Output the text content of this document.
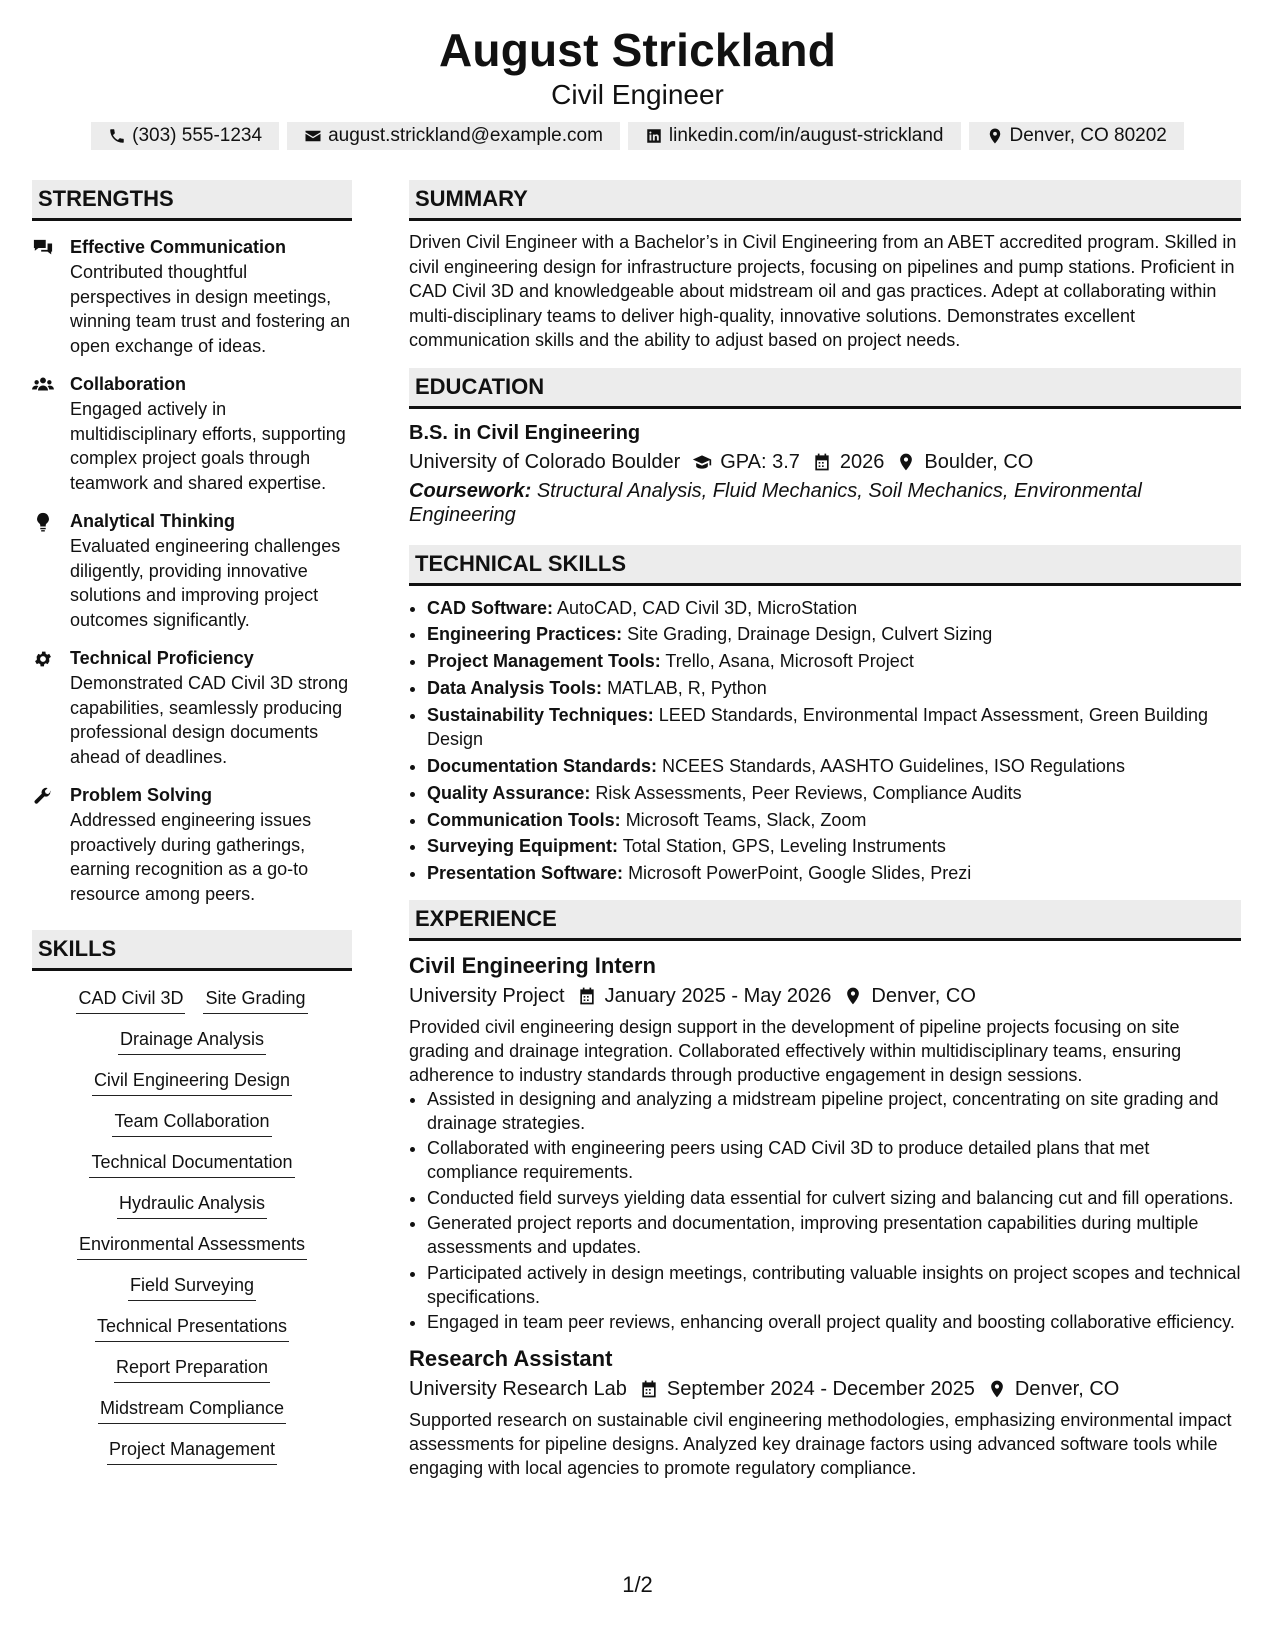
August Strickland
Civil Engineer
(303) 555-1234	august.strickland@example.com	linkedin.com/in/august-strickland	Denver, CO 80202
STRENGTHS
Effective Communication
Contributed thoughtful perspectives in design meetings, winning team trust and fostering an open exchange of ideas.
Collaboration
Engaged actively in multidisciplinary efforts, supporting complex project goals through teamwork and shared expertise.
Analytical Thinking
Evaluated engineering challenges diligently, providing innovative solutions and improving project outcomes significantly.
Technical Proficiency
Demonstrated CAD Civil 3D strong capabilities, seamlessly producing professional design documents ahead of deadlines.
Problem Solving
Addressed engineering issues proactively during gatherings, earning recognition as a go-to resource among peers.
SKILLS
CAD Civil 3D Site Grading
Drainage Analysis
Civil Engineering Design
Team Collaboration
Technical Documentation
Hydraulic Analysis
Environmental Assessments
Field Surveying
Technical Presentations
Report Preparation
Midstream Compliance
Project Management
SUMMARY
Driven Civil Engineer with a Bachelor’s in Civil Engineering from an ABET accredited program. Skilled in civil engineering design for infrastructure projects, focusing on pipelines and pump stations. Proficient in CAD Civil 3D and knowledgeable about midstream oil and gas practices. Adept at collaborating within multi-disciplinary teams to deliver high-quality, innovative solutions. Demonstrates excellent communication skills and the ability to adjust based on project needs.
EDUCATION
B.S. in Civil Engineering
University of Colorado Boulder GPA: 3.7 2026 Boulder, CO
Coursework: Structural Analysis, Fluid Mechanics, Soil Mechanics, Environmental Engineering
TECHNICAL SKILLS
• CAD Software: AutoCAD, CAD Civil 3D, MicroStation
• Engineering Practices: Site Grading, Drainage Design, Culvert Sizing
• Project Management Tools: Trello, Asana, Microsoft Project
• Data Analysis Tools: MATLAB, R, Python
• Sustainability Techniques: LEED Standards, Environmental Impact Assessment, Green Building Design
• Documentation Standards: NCEES Standards, AASHTO Guidelines, ISO Regulations
• Quality Assurance: Risk Assessments, Peer Reviews, Compliance Audits
• Communication Tools: Microsoft Teams, Slack, Zoom
• Surveying Equipment: Total Station, GPS, Leveling Instruments
• Presentation Software: Microsoft PowerPoint, Google Slides, Prezi
EXPERIENCE
Civil Engineering Intern
University Project January 2025 - May 2026 Denver, CO
Provided civil engineering design support in the development of pipeline projects focusing on site grading and drainage integration. Collaborated effectively within multidisciplinary teams, ensuring adherence to industry standards through productive engagement in design sessions.
• Assisted in designing and analyzing a midstream pipeline project, concentrating on site grading and drainage strategies.
• Collaborated with engineering peers using CAD Civil 3D to produce detailed plans that met compliance requirements.
• Conducted field surveys yielding data essential for culvert sizing and balancing cut and fill operations.
• Generated project reports and documentation, improving presentation capabilities during multiple assessments and updates.
• Participated actively in design meetings, contributing valuable insights on project scopes and technical specifications.
• Engaged in team peer reviews, enhancing overall project quality and boosting collaborative efficiency.
Research Assistant
University Research Lab September 2024 - December 2025 Denver, CO
Supported research on sustainable civil engineering methodologies, emphasizing environmental impact assessments for pipeline designs. Analyzed key drainage factors using advanced software tools while engaging with local agencies to promote regulatory compliance.
1/2
